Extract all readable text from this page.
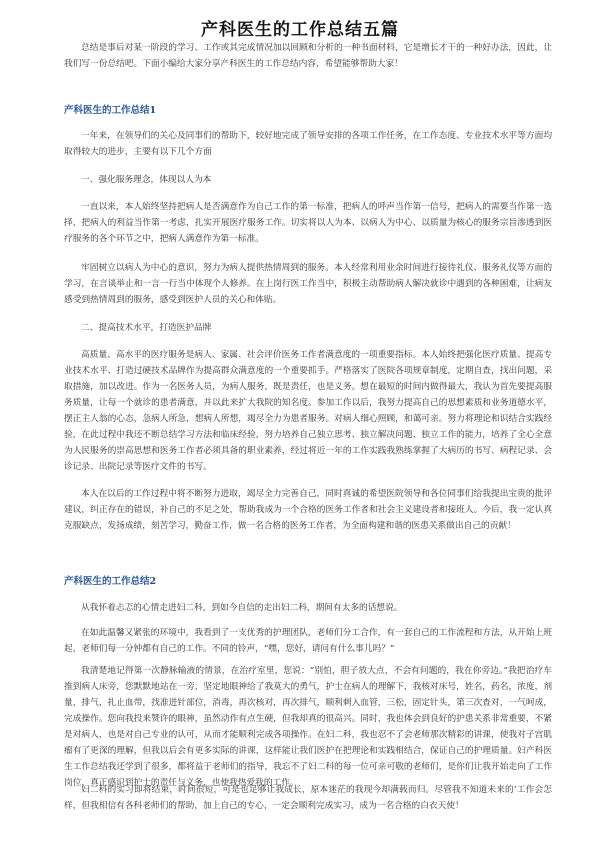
产科医生的工作总结五篇
总结是事后对某一阶段的学习、工作或其完成情况加以回顾和分析的一种书面材料，它是增长才干的一种好办法，因此，让我们写一份总结吧。下面小编给大家分享产科医生的工作总结内容，希望能够帮助大家！
产科医生的工作总结1
一年来，在领导们的关心及同事们的帮助下，较好地完成了领导安排的各项工作任务，在工作态度、专业技术水平等方面均取得较大的进步，主要有以下几个方面
一、强化服务理念，体现以人为本
一直以来，本人始终坚持把病人是否满意作为自己工作的第一标准，把病人的呼声当作第一信号，把病人的需要当作第一选择，把病人的利益当作第一考虑，扎实开展医疗服务工作。切实将以人为本、以病人为中心、以质量为核心的服务宗旨渗透到医疗服务的各个环节之中，把病人满意作为第一标准。
牢固树立以病人为中心的意识，努力为病人提供热情周到的服务。本人经常利用业余时间进行接待礼仪、服务礼仪等方面的学习，在言谈举止和一言一行当中体现个人修养。在上岗行医工作当中，积极主动帮助病人解决就诊中遇到的各种困难，让病友感受到热情周到的服务，感受到医护人员的关心和体贴。
二、提高技术水平，打造医护品牌
高质量、高水平的医疗服务是病人、家属、社会评价医务工作者满意度的一项重要指标。本人始终把强化医疗质量、提高专业技术水平、打造过硬技术品牌作为提高群众满意度的一个重要抓手。严格落实了医院各项规章制度，定期自查，找出问题，采取措施，加以改进。作为一名医务人员，为病人服务，既是责任，也是义务。想在最短的时间内做得最大，我认为首先要提高服务质量，让每一个就诊的患者满意，并以此来扩大我院的知名度。参加工作以后，我努力提高自己的思想素质和业务道德水平，摆正主人翁的心态，急病人所急，想病人所想，竭尽全力为患者服务。对病人细心照顾，和蔼可亲。努力将理论和识结合实践经验，在此过程中我还不断总结学习方法和临床经验，努力培养自己独立思考、独立解决问题、独立工作的能力，培养了全心全意为人民服务的崇高思想和医务工作者必须具备的职业素养，经过将近一年的工作实践我熟练掌握了大病历的书写、病程记录、会诊记录、出院记录等医疗文件的书写。
本人在以后的工作过程中将不断努力进取，竭尽全力完善自己，同时真诚的希望医院领导和各位同事们给我提出宝贵的批评建议，纠正存在的错误，补自己的不足之处，帮助我成为一个合格的医务工作者和社会主义建设者和接班人。今后，我一定认真克服缺点，发扬成绩，刻苦学习，勤奋工作，做一名合格的医务工作者，为全面构建和谐的医患关系做出自己的贡献！
产科医生的工作总结2
从我怀着忐忑的心情走进妇二科，到如今自信的走出妇二科，期间有太多的话想说。
在如此温馨又紧张的环境中，我看到了一支优秀的护理团队，老师们分工合作，有一套自己的工作流程和方法，从开始上班起，老师们每一分钟都有自己的工作。不同的铃声，“嘿，您好，请问有什么事儿吗？”
我清楚地记得第一次静脉输液的情景，在治疗室里，您说：“别怕，胆子放大点，不会有问题的，我在你旁边。”我把治疗车推到病人床旁，您默默地站在一旁，坚定地眼神给了我莫大的勇气，护士在病人的理解下，我核对床号，姓名，药名，浓度，剂量，排气，扎止血带，找准进针部位，消毒，再次核对，再次排气，顺利刺入血管，三松，固定针头，第三次查对，一气呵成，完成操作。您向我投来赞许的眼神，虽然动作有点生硬，但我却真的很高兴。同时，我也体会到良好的护患关系非常重要，不紧是对病人，也是对自己专业的认可，从而才能顺利完成各项操作。在妇二科，我也忍不了会老师那次精彩的讲课，使我对子宫肌瘤有了更深的理解，但我以后会有更多实际的讲课，这样能让我们医护在把理论和实践相结合，保证自己的护理质量。妇产科医生工作总结我还学到了很多，都将益于老师们的指导，我忘不了妇二科的每一位可亲可敬的老师们，是你们让我开始走向了工作岗位，真正感识到护士的责任与义务，也使我热爱我的工作。
妇二科的实习即将结束，时间很短，可是也足够让我成长，原本迷茫的我现今却满载而归。尽管我不知道未来的’工作会怎样，但我相信有各科老师们的帮助，加上自己的专心，一定会顺利完成实习，成为一名合格的白衣天使！
